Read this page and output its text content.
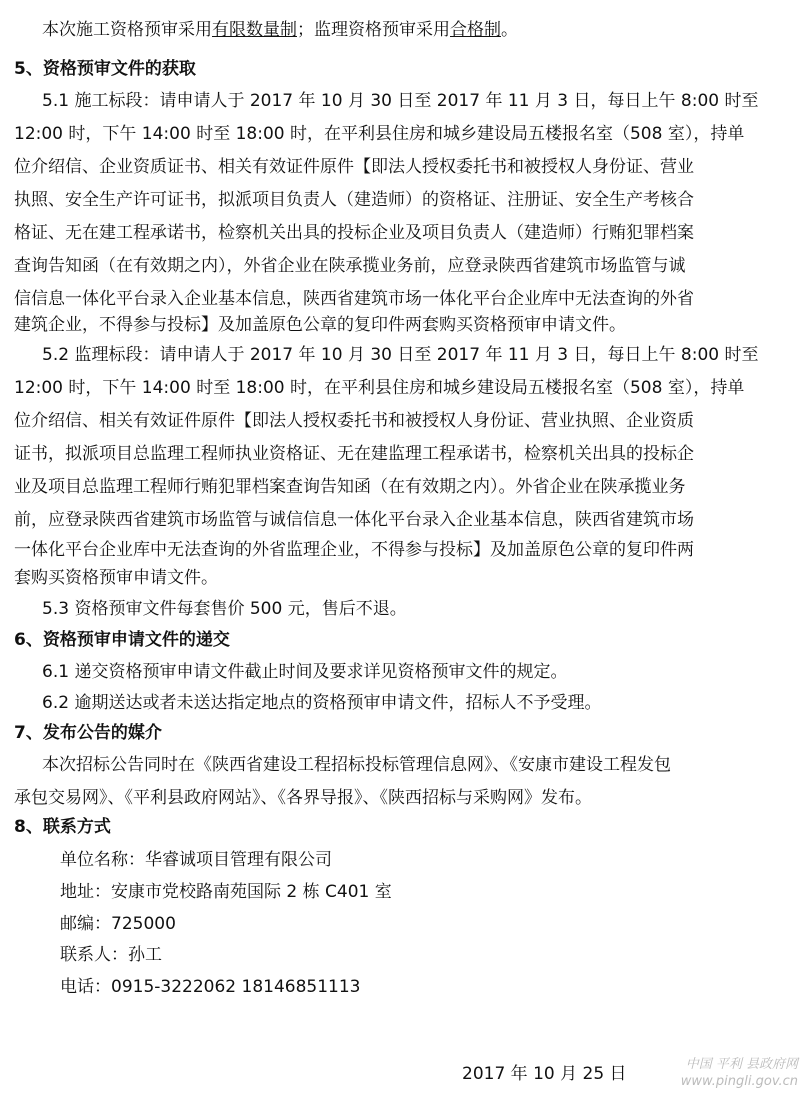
本次施工资格预审采用有限数量制；监理资格预审采用合格制。
5、资格预审文件的获取
5.1 施工标段：请申请人于 2017 年 10 月 30 日至 2017 年 11 月 3 日，每日上午 8:00 时至
12:00 时，下午 14:00 时至 18:00 时，在平利县住房和城乡建设局五楼报名室（508 室），持单
位介绍信、企业资质证书、相关有效证件原件【即法人授权委托书和被授权人身份证、营业
执照、安全生产许可证书，拟派项目负责人（建造师）的资格证、注册证、安全生产考核合
格证、无在建工程承诺书，检察机关出具的投标企业及项目负责人（建造师）行贿犯罪档案
查询告知函（在有效期之内），外省企业在陕承揽业务前，应登录陕西省建筑市场监管与诚
信信息一体化平台录入企业基本信息，陕西省建筑市场一体化平台企业库中无法查询的外省
建筑企业，不得参与投标】及加盖原色公章的复印件两套购买资格预审申请文件。
5.2 监理标段：请申请人于 2017 年 10 月 30 日至 2017 年 11 月 3 日，每日上午 8:00 时至
12:00 时，下午 14:00 时至 18:00 时，在平利县住房和城乡建设局五楼报名室（508 室），持单
位介绍信、相关有效证件原件【即法人授权委托书和被授权人身份证、营业执照、企业资质
证书，拟派项目总监理工程师执业资格证、无在建监理工程承诺书，检察机关出具的投标企
业及项目总监理工程师行贿犯罪档案查询告知函（在有效期之内）。外省企业在陕承揽业务
前，应登录陕西省建筑市场监管与诚信信息一体化平台录入企业基本信息，陕西省建筑市场
一体化平台企业库中无法查询的外省监理企业，不得参与投标】及加盖原色公章的复印件两
套购买资格预审申请文件。
5.3 资格预审文件每套售价 500 元，售后不退。
6、资格预审申请文件的递交
6.1 递交资格预审申请文件截止时间及要求详见资格预审文件的规定。
6.2 逾期送达或者未送达指定地点的资格预审申请文件，招标人不予受理。
7、发布公告的媒介
本次招标公告同时在《陕西省建设工程招标投标管理信息网》、《安康市建设工程发包
承包交易网》、《平利县政府网站》、《各界导报》、《陕西招标与采购网》发布。
8、联系方式
单位名称：华睿诚项目管理有限公司
地址：安康市党校路南苑国际 2 栋 C401 室
邮编：725000
联系人：孙工
电话：0915-3222062 18146851113
2017 年 10 月 25 日	中国 平利 县政府网
www.pingli.gov.cn
